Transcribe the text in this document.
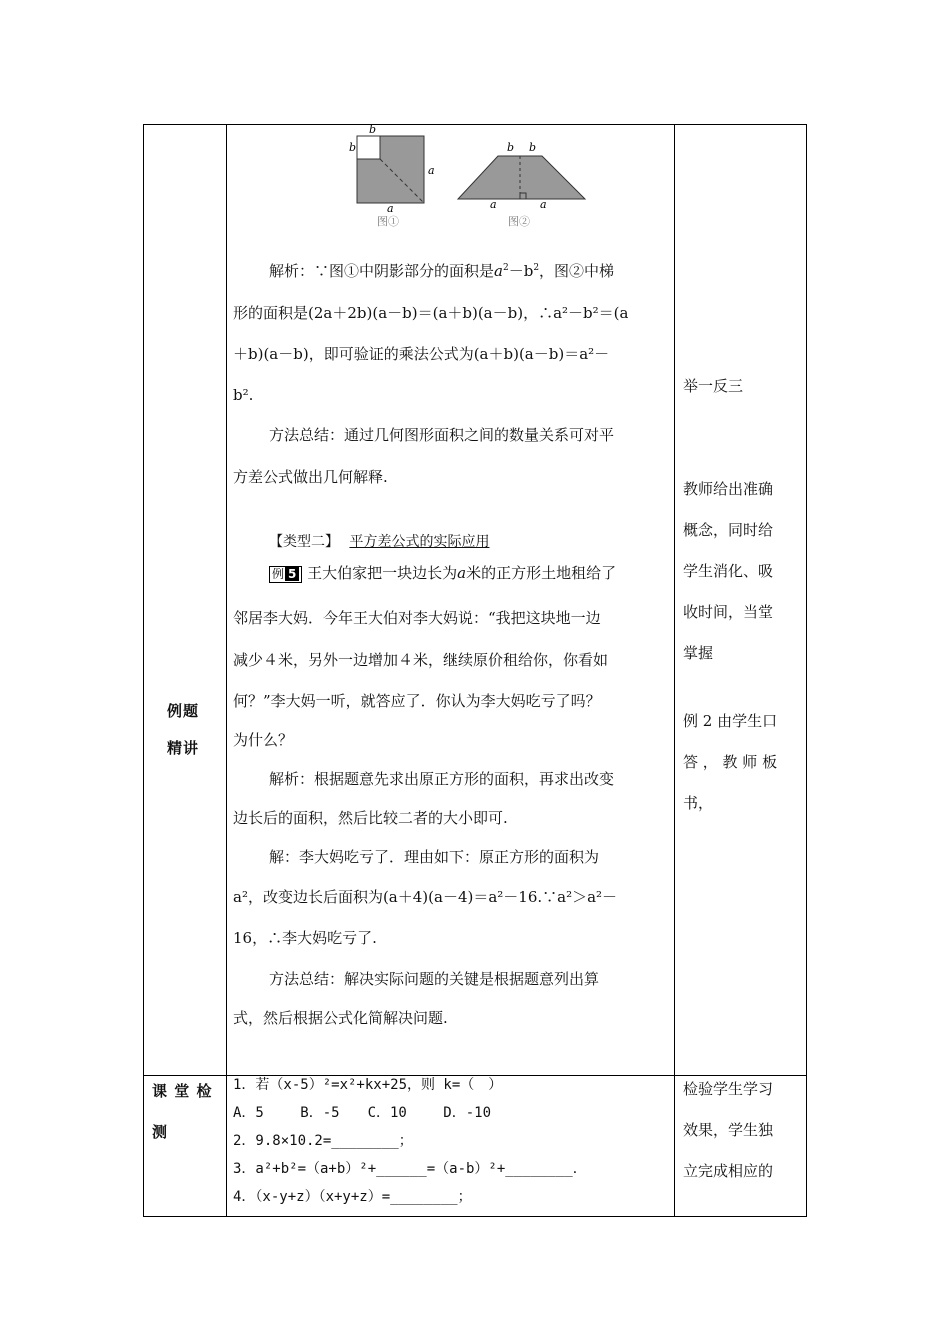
例题
精讲
课 堂 检
测
b
b
a
a
图①
b b
a	a
图②
解析：∵图①中阴影部分的面积是$a^2-b^2$，图②中梯
形的面积是(2a＋2b)(a－b)＝(a＋b)(a－b)，∴a²－b²＝(a
＋b)(a－b)，即可验证的乘法公式为(a＋b)(a－b)＝a²－
b².
方法总结：通过几何图形面积之间的数量关系可对平
方差公式做出几何解释.
【类型二】 平方差公式的实际应用
例 5 王大伯家把一块边长为a米的正方形土地租给了
邻居李大妈．今年王大伯对李大妈说：“我把这块地一边
减少４米，另外一边增加４米，继续原价租给你，你看如
何？”李大妈一听，就答应了．你认为李大妈吃亏了吗？
为什么？
解析：根据题意先求出原正方形的面积，再求出改变
边长后的面积，然后比较二者的大小即可.
解：李大妈吃亏了．理由如下：原正方形的面积为
a²，改变边长后面积为(a＋4)(a－4)＝a²－16.∵a²＞a²－
16，∴李大妈吃亏了.
方法总结：解决实际问题的关键是根据题意列出算
式，然后根据公式化简解决问题.
举一反三
教师给出准确
概念，同时给
学生消化、吸
收时间，当堂
掌握
例 2 由学生口
答 ， 教 师 板
书，
检验学生学习
效果，学生独
立完成相应的
1．若（x-5）²=x²+kx+25，则 k=（　）
A．5　　 B．-5　　C．10　　 D．-10
2．9.8×10.2=________；
3．a²+b²=（a+b）²+______=（a-b）²+________．
4．（x-y+z）（x+y+z）=________；
